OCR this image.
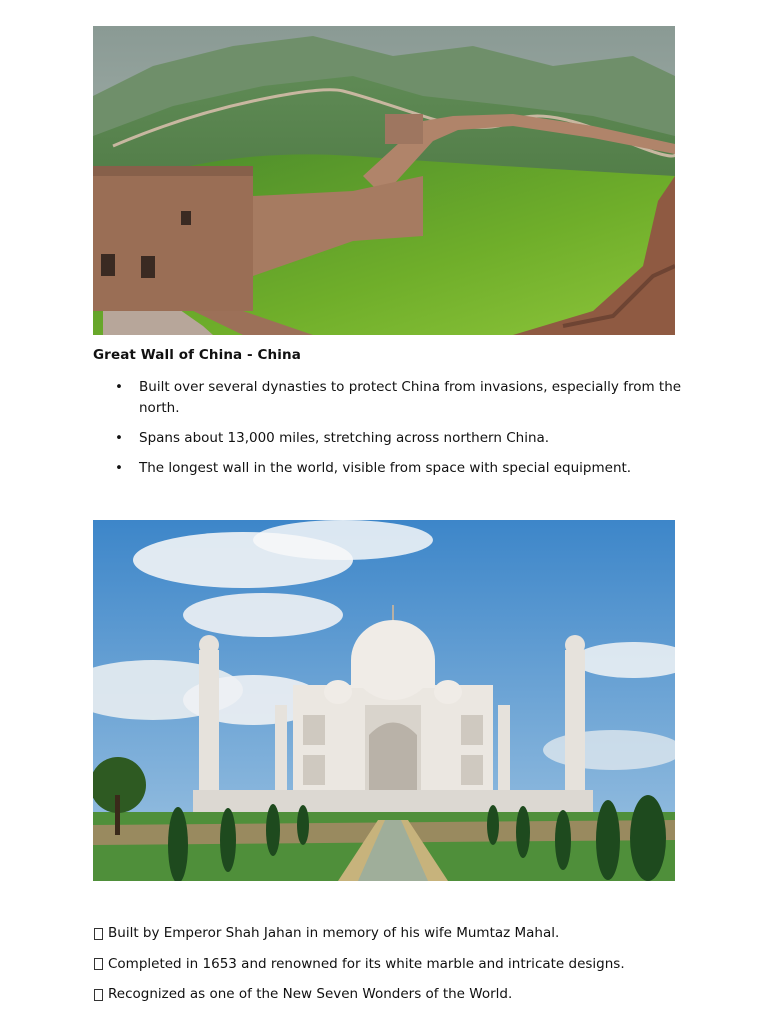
Great Wall of China - China
• Built over several dynasties to protect China from invasions, especially from the north.
• Spans about 13,000 miles, stretching across northern China.
• The longest wall in the world, visible from space with special equipment.
Built by Emperor Shah Jahan in memory of his wife Mumtaz Mahal.
Completed in 1653 and renowned for its white marble and intricate designs.
Recognized as one of the New Seven Wonders of the World.
